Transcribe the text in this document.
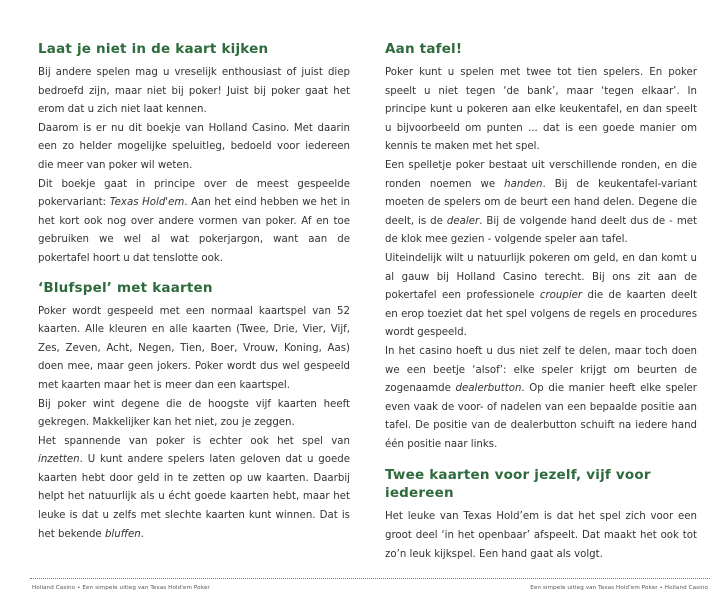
Laat je niet in de kaart kijken

Bij andere spelen mag u vreselijk enthousiast of juist diep bedroefd zijn, maar niet bij poker! Juist bij poker gaat het erom dat u zich niet laat kennen.

Daarom is er nu dit boekje van Holland Casino. Met daarin een zo helder mogelijke speluitleg, bedoeld voor iedereen die meer van poker wil weten.

Dit boekje gaat in principe over de meest gespeelde pokervariant: Texas Hold'em. Aan het eind hebben we het in het kort ook nog over andere vormen van poker. Af en toe gebruiken we wel al wat pokerjargon, want aan de pokertafel hoort u dat tenslotte ook.

‘Blufspel’ met kaarten

Poker wordt gespeeld met een normaal kaartspel van 52 kaarten. Alle kleuren en alle kaarten (Twee, Drie, Vier, Vijf, Zes, Zeven, Acht, Negen, Tien, Boer, Vrouw, Koning, Aas) doen mee, maar geen jokers. Poker wordt dus wel gespeeld met kaarten maar het is meer dan een kaartspel.

Bij poker wint degene die de hoogste vijf kaarten heeft gekregen. Makkelijker kan het niet, zou je zeggen.

Het spannende van poker is echter ook het spel van inzetten. U kunt andere spelers laten geloven dat u goede kaarten hebt door geld in te zetten op uw kaarten. Daarbij helpt het natuurlijk als u écht goede kaarten hebt, maar het leuke is dat u zelfs met slechte kaarten kunt winnen. Dat is het bekende bluffen.

Aan tafel!

Poker kunt u spelen met twee tot tien spelers. En poker speelt u niet tegen ‘de bank’, maar ‘tegen elkaar’. In principe kunt u pokeren aan elke keukentafel, en dan speelt u bijvoorbeeld om punten ... dat is een goede manier om kennis te maken met het spel.

Een spelletje poker bestaat uit verschillende ronden, en die ronden noemen we handen. Bij de keukentafel-variant moeten de spelers om de beurt een hand delen. Degene die deelt, is de dealer. Bij de volgende hand deelt dus de - met de klok mee gezien - volgende speler aan tafel.

Uiteindelijk wilt u natuurlijk pokeren om geld, en dan komt u al gauw bij Holland Casino terecht. Bij ons zit aan de pokertafel een professionele croupier die de kaarten deelt en erop toeziet dat het spel volgens de regels en procedures wordt gespeeld.

In het casino hoeft u dus niet zelf te delen, maar toch doen we een beetje ‘alsof’: elke speler krijgt om beurten de zogenaamde dealerbutton. Op die manier heeft elke speler even vaak de voor- of nadelen van een bepaalde positie aan tafel. De positie van de dealerbutton schuift na iedere hand één positie naar links.

Twee kaarten voor jezelf, vijf voor iedereen

Het leuke van Texas Hold’em is dat het spel zich voor een groot deel ‘in het openbaar’ afspeelt. Dat maakt het ook tot zo’n leuk kijkspel. Een hand gaat als volgt.

Holland Casino • Een simpele uitleg van Texas Hold'em Poker	Een simpele uitleg van Texas Hold'em Poker • Holland Casino
